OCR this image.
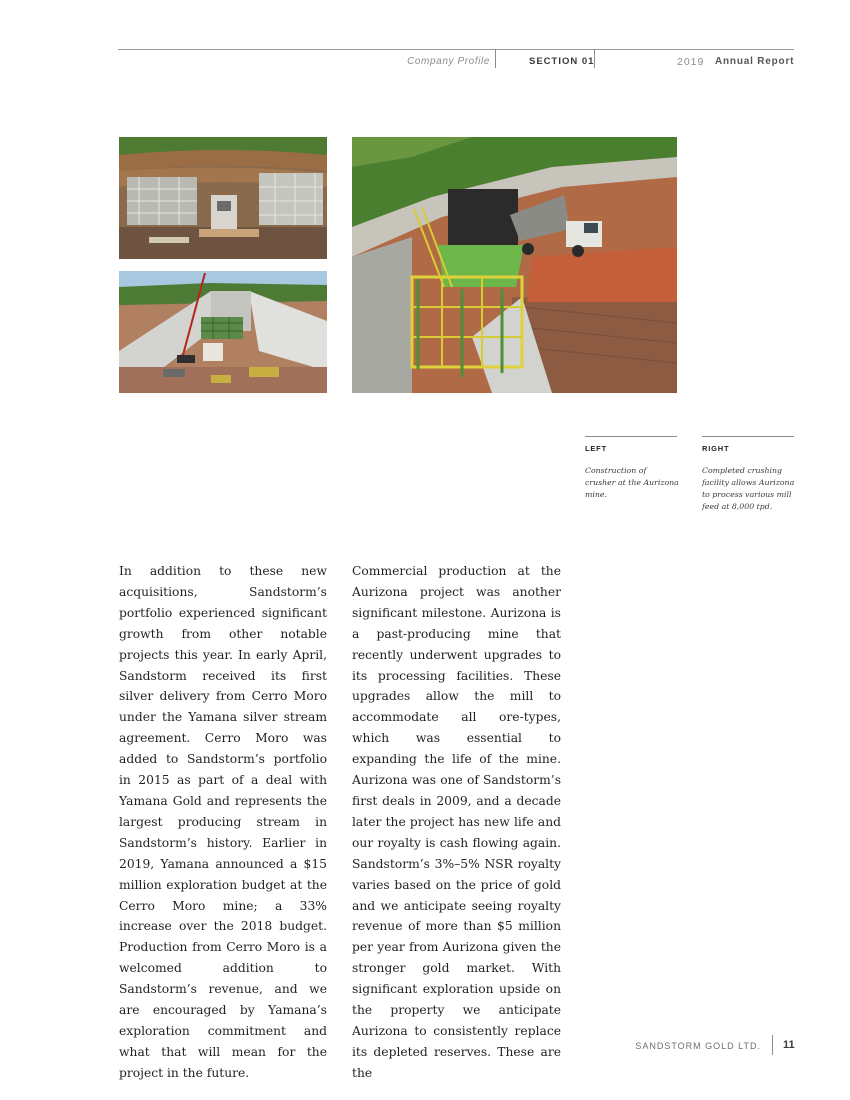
Company Profile	SECTION 01	2019 Annual Report
LEFT
Construction of crusher at the Aurizona mine.
RIGHT
Completed crushing facility allows Aurizona to process various mill feed at 8,000 tpd.

In addition to these new acquisitions, Sandstorm’s portfolio experienced significant growth from other notable projects this year. In early April, Sandstorm received its first silver delivery from Cerro Moro under the Yamana silver stream agreement. Cerro Moro was added to Sandstorm’s portfolio in 2015 as part of a deal with Yamana Gold and represents the largest producing stream in Sandstorm’s history. Earlier in 2019, Yamana announced a $15 million exploration budget at the Cerro Moro mine; a 33% increase over the 2018 budget. Production from Cerro Moro is a welcomed addition to Sandstorm’s revenue, and we are encouraged by Yamana’s exploration commitment and what that will mean for the project in the future.

Commercial production at the Aurizona project was another significant milestone. Aurizona is a past-producing mine that recently underwent upgrades to its processing facilities. These upgrades allow the mill to accommodate all ore-types, which was essential to expanding the life of the mine. Aurizona was one of Sandstorm’s first deals in 2009, and a decade later the project has new life and our royalty is cash flowing again. Sandstorm’s 3%–5% NSR royalty varies based on the price of gold and we anticipate seeing royalty revenue of more than $5 million per year from Aurizona given the stronger gold market. With significant exploration upside on the property we anticipate Aurizona to consistently replace its depleted reserves. These are the

SANDSTORM GOLD LTD. 11
